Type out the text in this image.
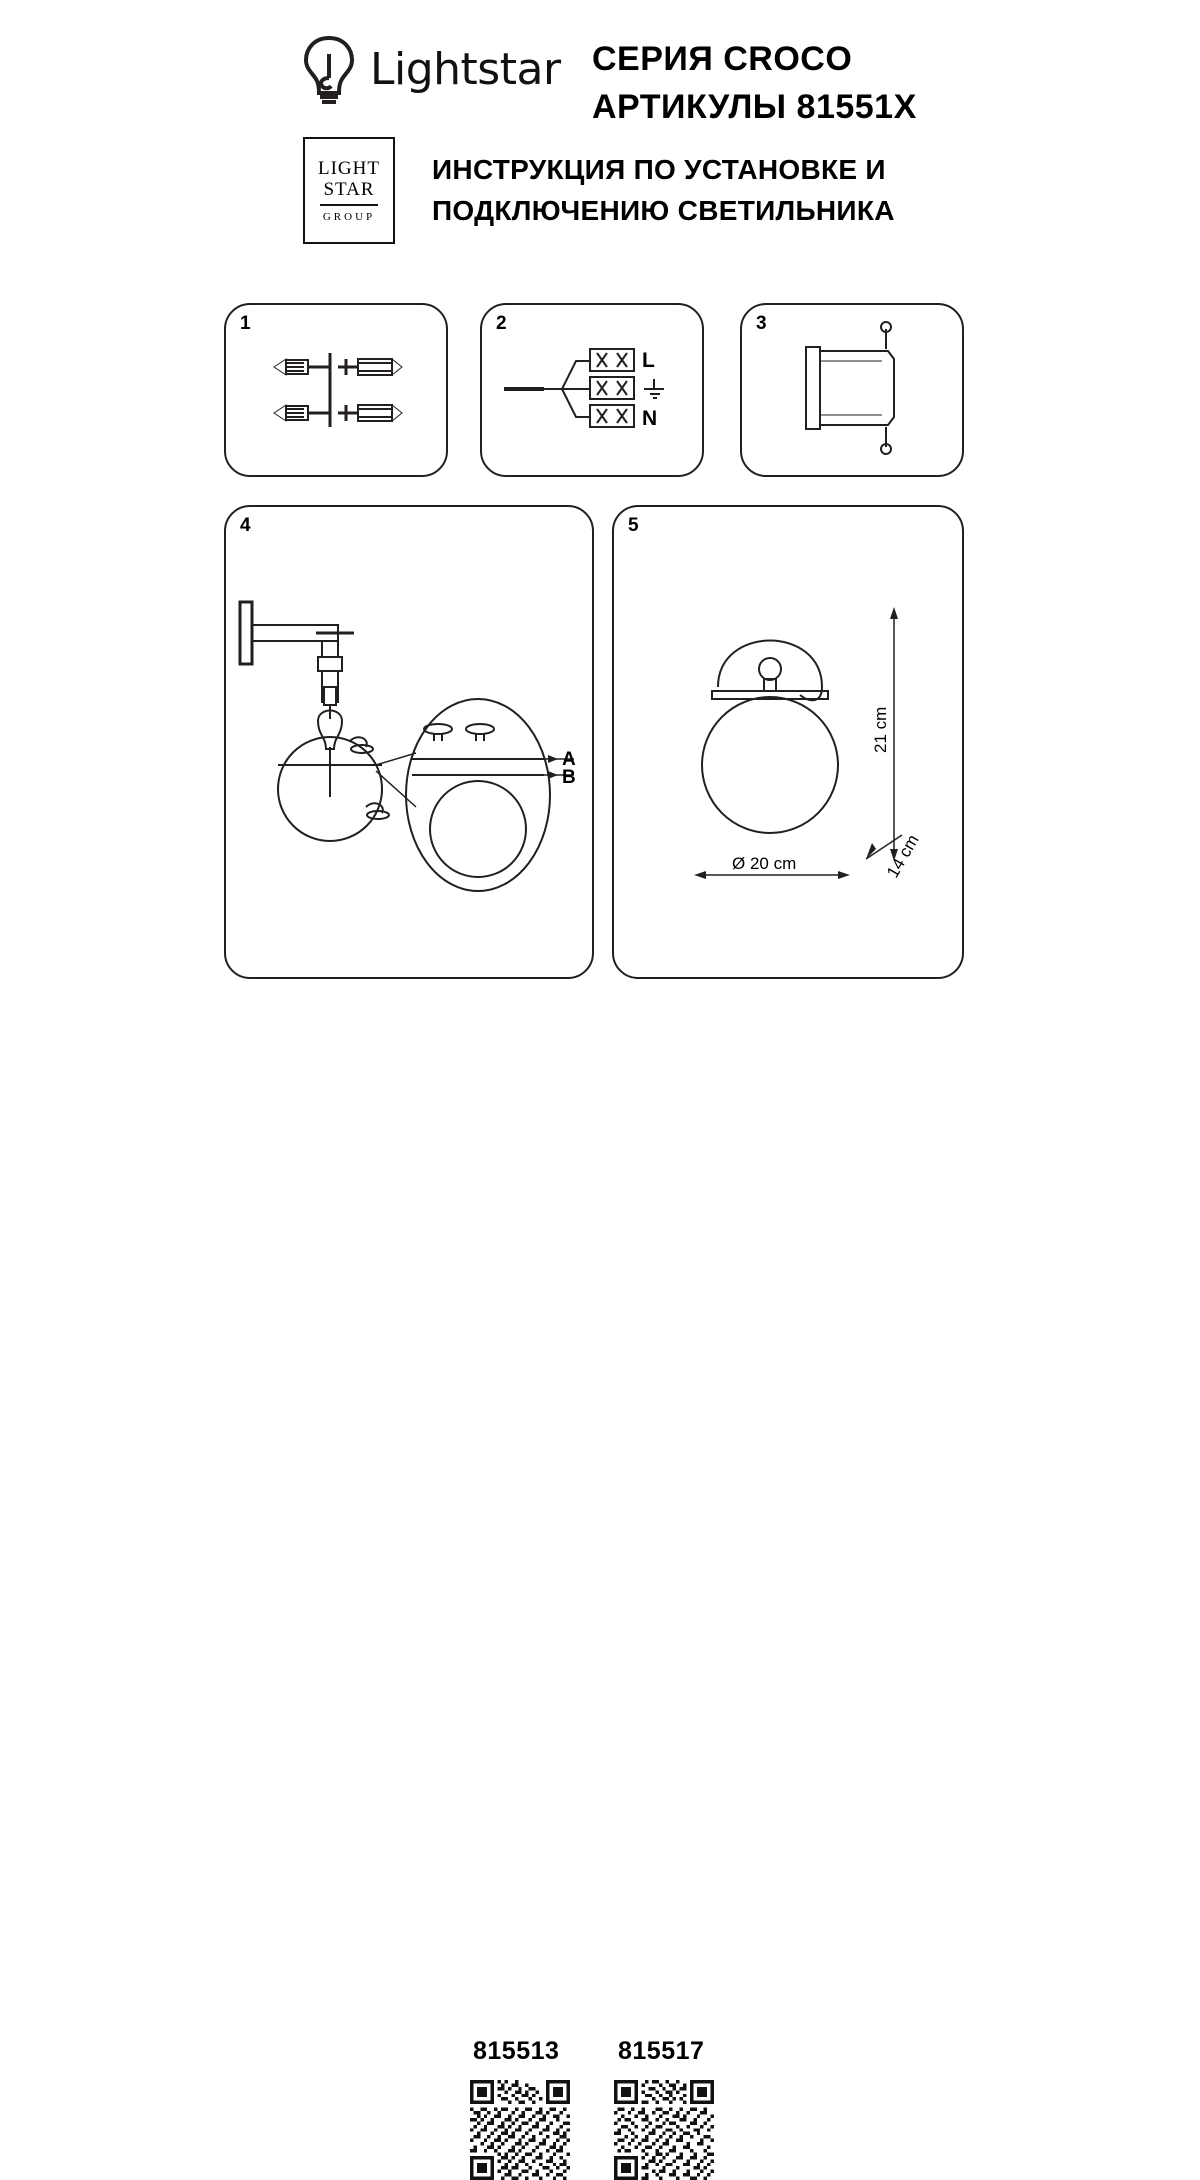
Lightstar СЕРИЯ CROCO
АРТИКУЛЫ 81551X
LIGHT
STAR
GROUP
ИНСТРУКЦИЯ ПО УСТАНОВКЕ И
ПОДКЛЮЧЕНИЮ СВЕТИЛЬНИКА
1	2
L
N
3
4
A
B
5
21 cm
14 cm
Ø 20 cm
815513 815517
